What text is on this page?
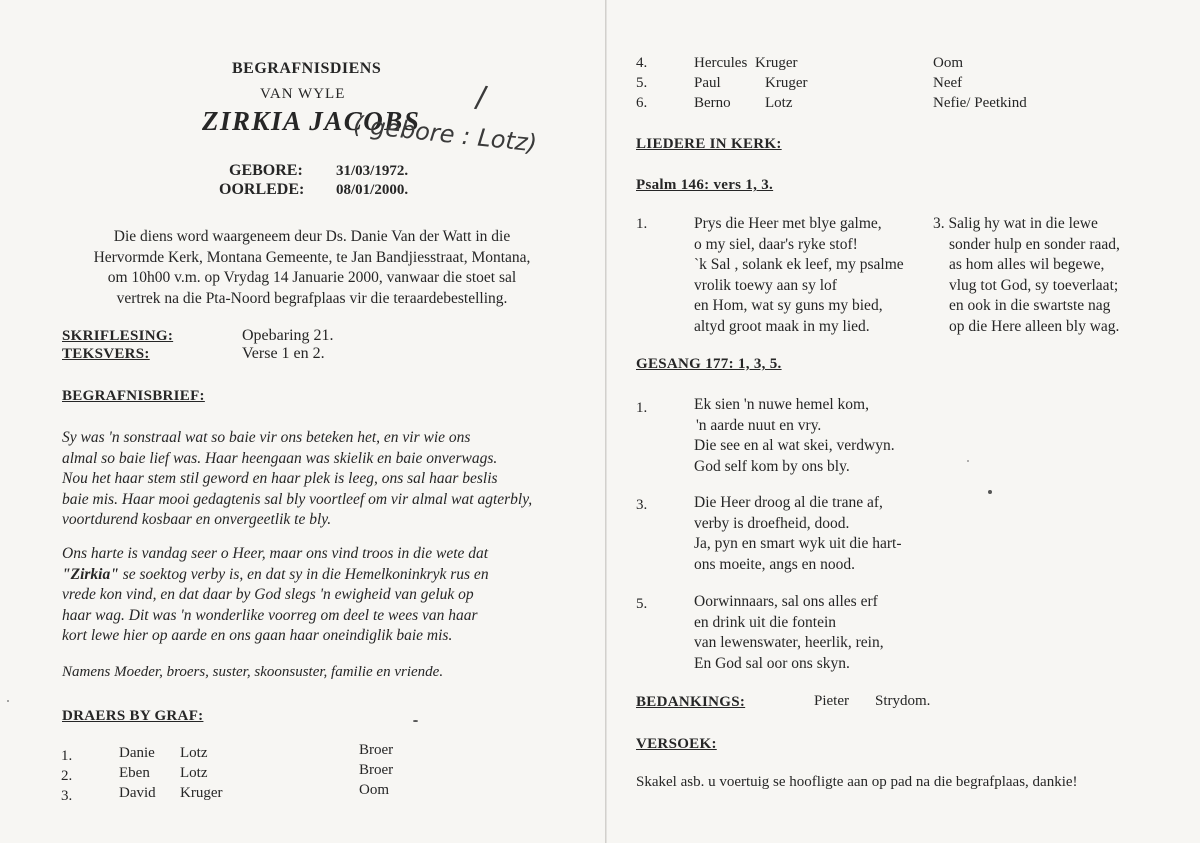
BEGRAFNISDIENS
VAN WYLE
ZIRKIA JACOBS
( gebore : Lotz)
/
GEBORE: 31/03/1972.
OORLEDE: 08/01/2000.
Die diens word waargeneem deur Ds. Danie Van der Watt in die
Hervormde Kerk, Montana Gemeente, te Jan Bandjiesstraat, Montana,
om 10h00 v.m. op Vrydag 14 Januarie 2000, vanwaar die stoet sal
vertrek na die Pta-Noord begrafplaas vir die teraardebestelling.
SKRIFLESING:	Opebaring 21.
TEKSVERS:	Verse 1 en 2.
BEGRAFNISBRIEF:
Sy was 'n sonstraal wat so baie vir ons beteken het, en vir wie ons
almal so baie lief was. Haar heengaan was skielik en baie onverwags.
Nou het haar stem stil geword en haar plek is leeg, ons sal haar beslis
baie mis. Haar mooi gedagtenis sal bly voortleef om vir almal wat agterbly,
voortdurend kosbaar en onvergeetlik te bly.
Ons harte is vandag seer o Heer, maar ons vind troos in die wete dat
"Zirkia" se soektog verby is, en dat sy in die Hemelkoninkryk rus en
vrede kon vind, en dat daar by God slegs 'n ewigheid van geluk op
haar wag. Dit was 'n wonderlike voorreg om deel te wees van haar
kort lewe hier op aarde en ons gaan haar oneindiglik baie mis.
Namens Moeder, broers, suster, skoonsuster, familie en vriende.
DRAERS BY GRAF:
1.	Danie Lotz	Broer
2.	Eben Lotz	Broer
3.	David Kruger	Oom
4.	Hercules Kruger	Oom
5.	Paul	Kruger	Neef
6.	Berno Lotz	Nefie/ Peetkind
LIEDERE IN KERK:
Psalm 146: vers 1, 3.
1.	Prys die Heer met blye galme,
o my siel, daar's ryke stof!
`k Sal , solank ek leef, my psalme
vrolik toewy aan sy lof
en Hom, wat sy guns my bied,
altyd groot maak in my lied.
3. Salig hy wat in die lewe
sonder hulp en sonder raad,
as hom alles wil begewe,
vlug tot God, sy toeverlaat;
en ook in die swartste nag
op die Here alleen bly wag.
GESANG 177: 1, 3, 5.
1.	Ek sien 'n nuwe hemel kom,
'n aarde nuut en vry.
Die see en al wat skei, verdwyn.
God self kom by ons bly.
3.	Die Heer droog al die trane af,
verby is droefheid, dood.
Ja, pyn en smart wyk uit die hart-
ons moeite, angs en nood.
5.	Oorwinnaars, sal ons alles erf
en drink uit die fontein
van lewenswater, heerlik, rein,
En God sal oor ons skyn.
BEDANKINGS:	Pieter Strydom.
VERSOEK:
Skakel asb. u voertuig se hoofligte aan op pad na die begrafplaas, dankie!
